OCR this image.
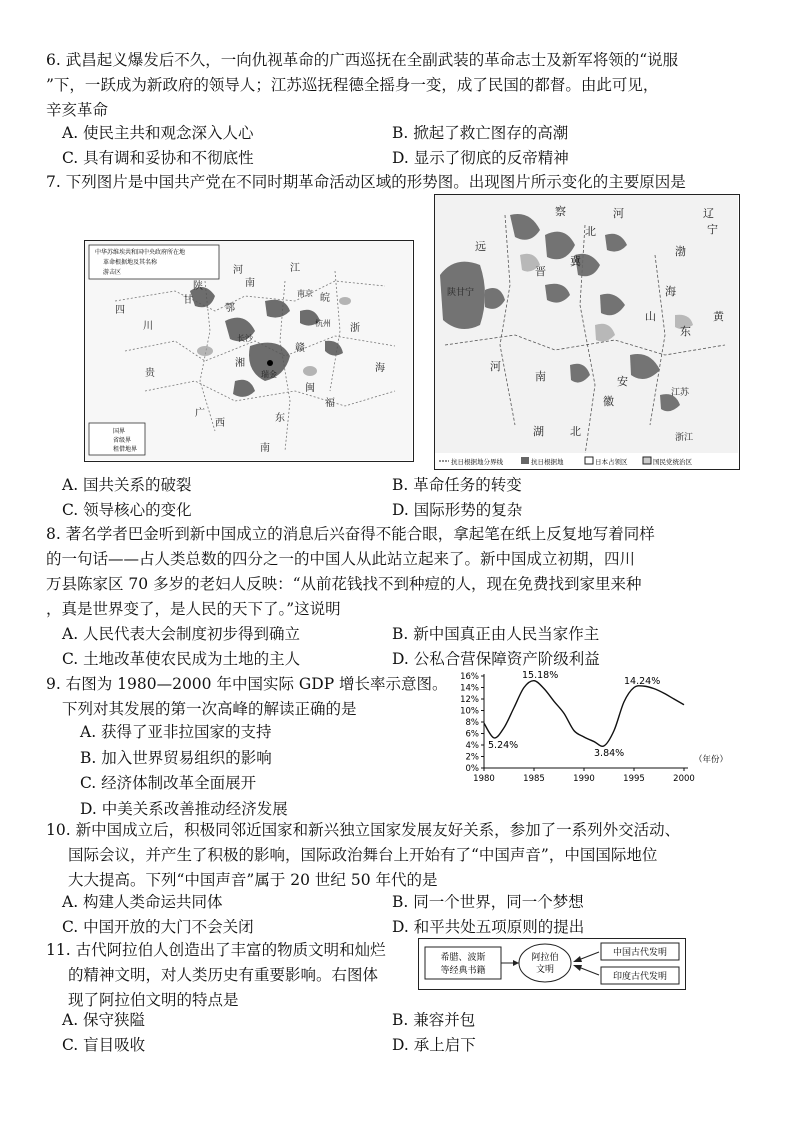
6. 武昌起义爆发后不久，一向仇视革命的广西巡抚在全副武装的革命志士及新军将领的“说服
”下，一跃成为新政府的领导人；江苏巡抚程德全摇身一变，成了民国的都督。由此可见，
辛亥革命
A. 使民主共和观念深入人心	B. 掀起了救亡图存的高潮
C. 具有调和妥协和不彻底性	D. 显示了彻底的反帝精神
7. 下列图片是中国共产党在不同时期革命活动区域的形势图。出现图片所示变化的主要原因是
中华苏维埃共和国中央政府所在地
革命根据地及其名称
游击区
国界
省级界
租借地界
陕
甘
河
南
江
四
川
湘
鄂
赣
皖
南京
杭州
长沙
瑞金
闽
贵
广
西	东
福
浙
海
南
辽
宁
河
北
渤
海
黄
远
陕甘宁
晋
察
冀
山
东
河
南	安
徽
湖 北	浙江
江苏
抗日根据地分界线	抗日根据地	日本占领区	国民党统治区
A. 国共关系的破裂	B. 革命任务的转变
C. 领导核心的变化	D. 国际形势的复杂
8. 著名学者巴金听到新中国成立的消息后兴奋得不能合眼，拿起笔在纸上反复地写着同样
的一句话——占人类总数的四分之一的中国人从此站立起来了。新中国成立初期，四川
万县陈家区 70 多岁的老妇人反映：“从前花钱找不到种痘的人，现在免费找到家里来种
，真是世界变了，是人民的天下了。”这说明
A. 人民代表大会制度初步得到确立	B. 新中国真正由人民当家作主
C. 土地改革使农民成为土地的主人	D. 公私合营保障资产阶级利益
9. 右图为 1980—2000 年中国实际 GDP 增长率示意图。
下列对其发展的第一次高峰的解读正确的是
A. 获得了亚非拉国家的支持
B. 加入世界贸易组织的影响
C. 经济体制改革全面展开
D. 中美关系改善推动经济发展
0%
2%
4%
6%
8%
10%
12%
14%
16%
1980	1985	1990	1995	2000
15.18%
14.24%
5.24%
3.84%
（年份）
10. 新中国成立后，积极同邻近国家和新兴独立国家发展友好关系，参加了一系列外交活动、
国际会议，并产生了积极的影响，国际政治舞台上开始有了“中国声音”，中国国际地位
大大提高。下列“中国声音”属于 20 世纪 50 年代的是
A. 构建人类命运共同体	B. 同一个世界，同一个梦想
C. 中国开放的大门不会关闭	D. 和平共处五项原则的提出
11. 古代阿拉伯人创造出了丰富的物质文明和灿烂
的精神文明，对人类历史有重要影响。右图体
现了阿拉伯文明的特点是
希腊、波斯
等经典书籍
阿拉伯
文明
中国古代发明
印度古代发明
A. 保守狭隘	B. 兼容并包
C. 盲目吸收	D. 承上启下
